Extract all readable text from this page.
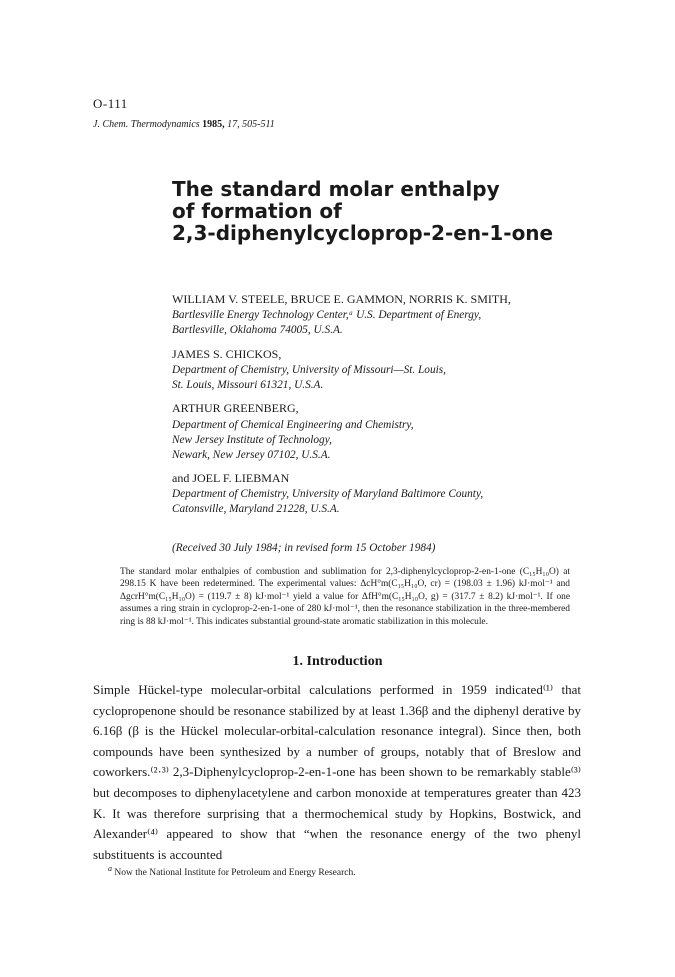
O-111
J. Chem. Thermodynamics 1985, 17, 505-511
The standard molar enthalpy
of formation of
2,3-diphenylcycloprop-2-en-1-one
WILLIAM V. STEELE, BRUCE E. GAMMON, NORRIS K. SMITH,
Bartlesville Energy Technology Center,ᵃ U.S. Department of Energy,
Bartlesville, Oklahoma 74005, U.S.A.
JAMES S. CHICKOS,
Department of Chemistry, University of Missouri—St. Louis,
St. Louis, Missouri 61321, U.S.A.
ARTHUR GREENBERG,
Department of Chemical Engineering and Chemistry,
New Jersey Institute of Technology,
Newark, New Jersey 07102, U.S.A.
and JOEL F. LIEBMAN
Department of Chemistry, University of Maryland Baltimore County,
Catonsville, Maryland 21228, U.S.A.
(Received 30 July 1984; in revised form 15 October 1984)
The standard molar enthalpies of combustion and sublimation for 2,3-diphenylcycloprop-2-en-1-one (C₁₅H₁₀O) at 298.15 K have been redetermined. The experimental values: ΔcH°m(C₁₅H₁₀O, cr) = (198.03 ± 1.96) kJ·mol⁻¹ and ΔgcrH°m(C₁₅H₁₀O) = (119.7 ± 8) kJ·mol⁻¹ yield a value for ΔfH°m(C₁₅H₁₀O, g) = (317.7 ± 8.2) kJ·mol⁻¹. If one assumes a ring strain in cycloprop-2-en-1-one of 280 kJ·mol⁻¹, then the resonance stabilization in the three-membered ring is 88 kJ·mol⁻¹. This indicates substantial ground-state aromatic stabilization in this molecule.
1. Introduction
Simple Hückel-type molecular-orbital calculations performed in 1959 indicated⁽¹⁾ that cyclopropenone should be resonance stabilized by at least 1.36β and the diphenyl derative by 6.16β (β is the Hückel molecular-orbital-calculation resonance integral). Since then, both compounds have been synthesized by a number of groups, notably that of Breslow and coworkers.⁽²·³⁾ 2,3-Diphenylcycloprop-2-en-1-one has been shown to be remarkably stable⁽³⁾ but decomposes to diphenylacetylene and carbon monoxide at temperatures greater than 423 K. It was therefore surprising that a thermochemical study by Hopkins, Bostwick, and Alexander⁽⁴⁾ appeared to show that “when the resonance energy of the two phenyl substituents is accounted
$^a$ Now the National Institute for Petroleum and Energy Research.
